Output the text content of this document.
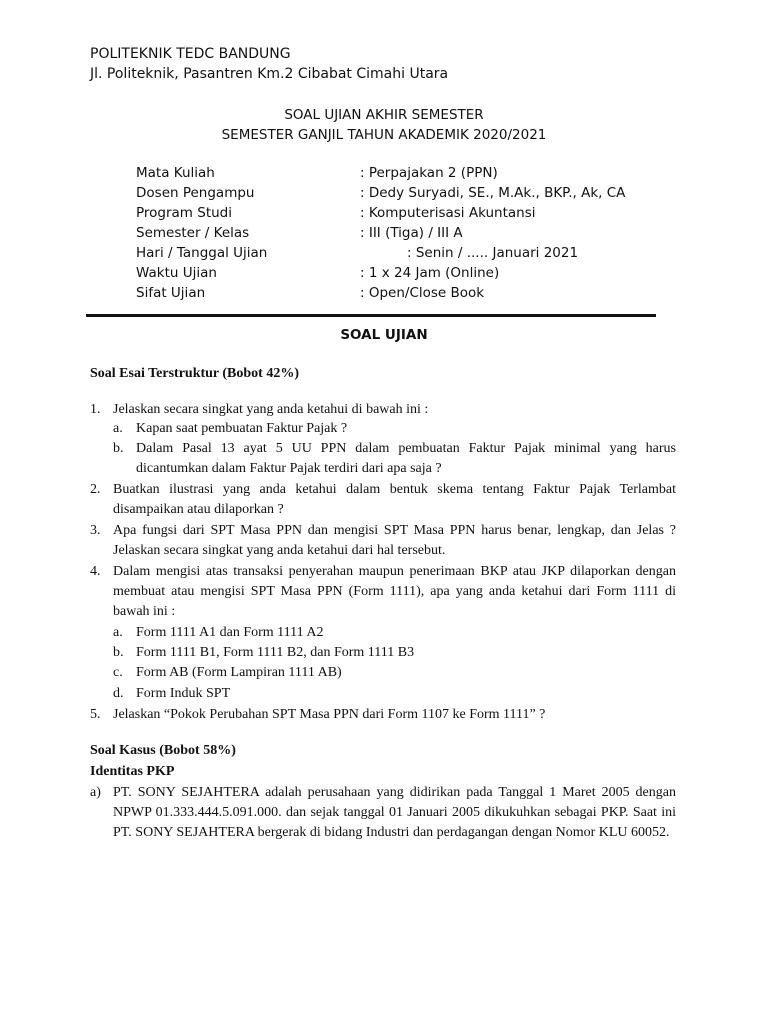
POLITEKNIK TEDC BANDUNG
Jl. Politeknik, Pasantren Km.2 Cibabat Cimahi Utara
SOAL UJIAN AKHIR SEMESTER
SEMESTER GANJIL TAHUN AKADEMIK 2020/2021
Mata Kuliah	: Perpajakan 2 (PPN)
Dosen Pengampu	: Dedy Suryadi, SE., M.Ak., BKP., Ak, CA
Program Studi	: Komputerisasi Akuntansi
Semester / Kelas	: III (Tiga) / III A
Hari / Tanggal Ujian	: Senin / ..... Januari 2021
Waktu Ujian	: 1 x 24 Jam (Online)
Sifat Ujian	: Open/Close Book
SOAL UJIAN
Soal Esai Terstruktur (Bobot 42%)
1. Jelaskan secara singkat yang anda ketahui di bawah ini :
a. Kapan saat pembuatan Faktur Pajak ?
b. Dalam Pasal 13 ayat 5 UU PPN dalam pembuatan Faktur Pajak minimal yang harus dicantumkan dalam Faktur Pajak terdiri dari apa saja ?
2. Buatkan ilustrasi yang anda ketahui dalam bentuk skema tentang Faktur Pajak Terlambat disampaikan atau dilaporkan ?
3. Apa fungsi dari SPT Masa PPN dan mengisi SPT Masa PPN harus benar, lengkap, dan Jelas ? Jelaskan secara singkat yang anda ketahui dari hal tersebut.
4. Dalam mengisi atas transaksi penyerahan maupun penerimaan BKP atau JKP dilaporkan dengan membuat atau mengisi SPT Masa PPN (Form 1111), apa yang anda ketahui dari Form 1111 di bawah ini :
a. Form 1111 A1 dan Form 1111 A2
b. Form 1111 B1, Form 1111 B2, dan Form 1111 B3
c. Form AB (Form Lampiran 1111 AB)
d. Form Induk SPT
5. Jelaskan “Pokok Perubahan SPT Masa PPN dari Form 1107 ke Form 1111” ?
Soal Kasus (Bobot 58%)
Identitas PKP
a) PT. SONY SEJAHTERA adalah perusahaan yang didirikan pada Tanggal 1 Maret 2005 dengan NPWP 01.333.444.5.091.000. dan sejak tanggal 01 Januari 2005 dikukuhkan sebagai PKP. Saat ini PT. SONY SEJAHTERA bergerak di bidang Industri dan perdagangan dengan Nomor KLU 60052.
